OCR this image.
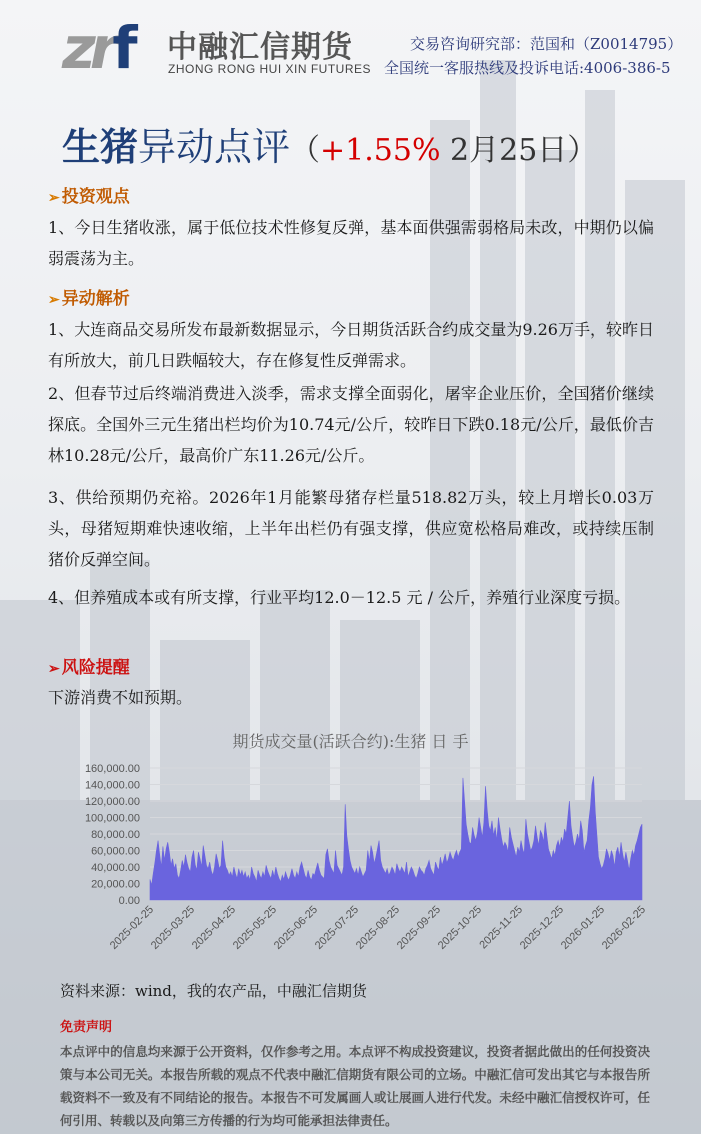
zrf 中融汇信期货
ZHONG RONG HUI XIN FUTURES
交易咨询研究部：范国和（Z0014795）
全国统一客服热线及投诉电话:4006-386-5
生猪异动点评（+1.55% 2月25日）
➢ 投资观点
1、今日生猪收涨，属于低位技术性修复反弹，基本面供强需弱格局未改，中期仍以偏弱震荡为主。
➢ 异动解析
1、大连商品交易所发布最新数据显示，今日期货活跃合约成交量为9.26万手，较昨日有所放大，前几日跌幅较大，存在修复性反弹需求。
2、但春节过后终端消费进入淡季，需求支撑全面弱化，屠宰企业压价，全国猪价继续探底。全国外三元生猪出栏均价为10.74元/公斤，较昨日下跌0.18元/公斤，最低价吉林10.28元/公斤，最高价广东11.26元/公斤。
3、供给预期仍充裕。2026年1月能繁母猪存栏量518.82万头，较上月增长0.03万头，母猪短期难快速收缩，上半年出栏仍有强支撑，供应宽松格局难改，或持续压制猪价反弹空间。
4、但养殖成本或有所支撑，行业平均12.0－12.5 元 / 公斤，养殖行业深度亏损。
➢ 风险提醒
下游消费不如预期。
期货成交量(活跃合约):生猪 日 手
0.00
20,000.00
40,000.00
60,000.00
80,000.00
100,000.00
120,000.00
140,000.00
160,000.00
2025-02-25
2025-03-25
2025-04-25
2025-05-25
2025-06-25
2025-07-25
2025-08-25
2025-09-25
2025-10-25
2025-11-25
2025-12-25
2026-01-25
2026-02-25
资料来源：wind，我的农产品，中融汇信期货
免责声明
本点评中的信息均来源于公开资料，仅作参考之用。本点评不构成投资建议，投资者据此做出的任何投资决策与本公司无关。本报告所载的观点不代表中融汇信期货有限公司的立场。中融汇信可发出其它与本报告所载资料不一致及有不同结论的报告。本报告不可发属画人或让展画人进行代发。未经中融汇信授权许可，任何引用、转载以及向第三方传播的行为均可能承担法律责任。
